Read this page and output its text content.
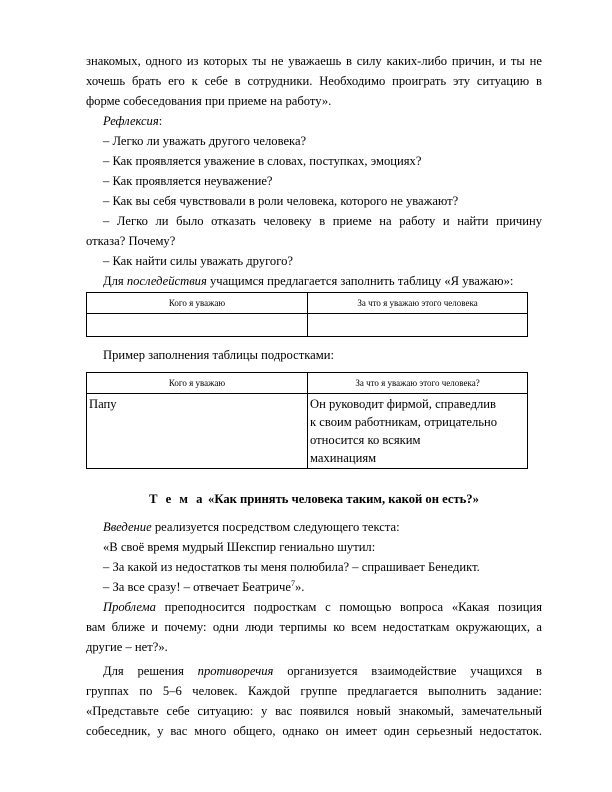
знакомых, одного из которых ты не уважаешь в силу каких-либо причин, и ты не
хочешь брать его к себе в сотрудники. Необходимо проиграть эту ситуацию в
форме собеседования при приеме на работу».
Рефлексия:
– Легко ли уважать другого человека?
– Как проявляется уважение в словах, поступках, эмоциях?
– Как проявляется неуважение?
– Как вы себя чувствовали в роли человека, которого не уважают?
– Легко ли было отказать человеку в приеме на работу и найти причину
отказа? Почему?
– Как найти силы уважать другого?
Для последействия учащимся предлагается заполнить таблицу «Я уважаю»:
Кого я уважаю	За что я уважаю этого человека

Пример заполнения таблицы подростками:
Кого я уважаю	За что я уважаю этого человека?
Папу	Он руководит фирмой, справедлив
к своим работникам, отрицательно
относится ко всяким
махинациям
Т е м а «Как принять человека таким, какой он есть?»
Введение реализуется посредством следующего текста:
«В своё время мудрый Шекспир гениально шутил:
– За какой из недостатков ты меня полюбила? – спрашивает Бенедикт.
– За все сразу! – отвечает Беатриче$^7$».
Проблема преподносится подросткам с помощью вопроса «Какая позиция
вам ближе и почему: одни люди терпимы ко всем недостаткам окружающих, а
другие – нет?».
Для решения противоречия организуется взаимодействие учащихся в
группах по 5–6 человек. Каждой группе предлагается выполнить задание:
«Представьте себе ситуацию: у вас появился новый знакомый, замечательный
собеседник, у вас много общего, однако он имеет один серьезный недостаток.
